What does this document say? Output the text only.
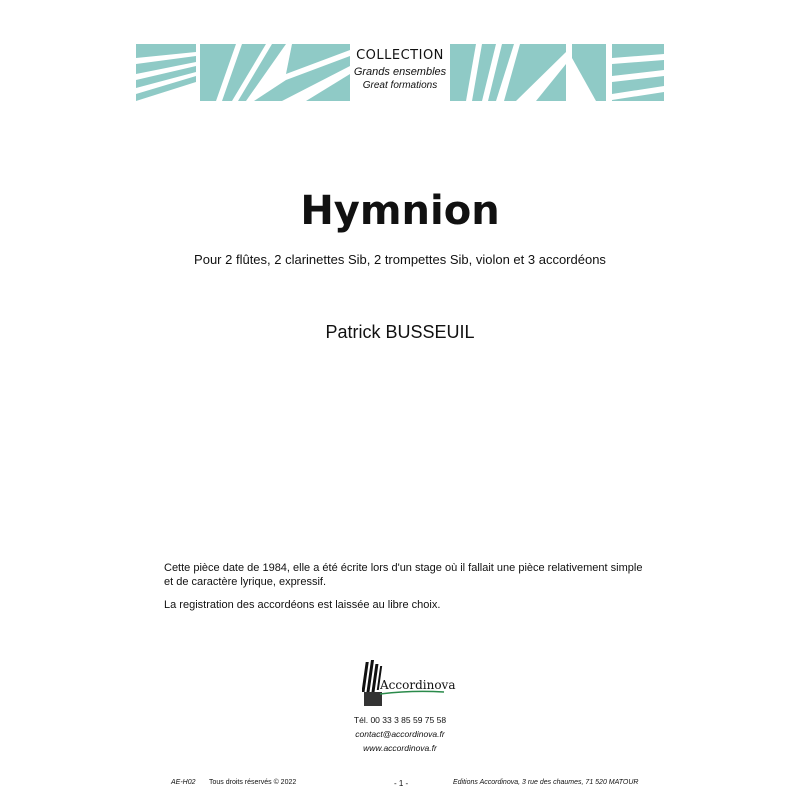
COLLECTION
Grands ensembles
Great formations
Hymnion
Pour 2 flûtes, 2 clarinettes Sib, 2 trompettes Sib, violon et 3 accordéons
Patrick BUSSEUIL

Cette pièce date de 1984, elle a été écrite lors d'un stage où il fallait une pièce relativement simple et de caractère lyrique, expressif.

La registration des accordéons est laissée au libre choix.

Accordinova
Tél. 00 33 3 85 59 75 58
contact@accordinova.fr
www.accordinova.fr
AE-H02 Tous droits réservés © 2022	- 1 -	Editions Accordinova, 3 rue des chaumes, 71 520 MATOUR
